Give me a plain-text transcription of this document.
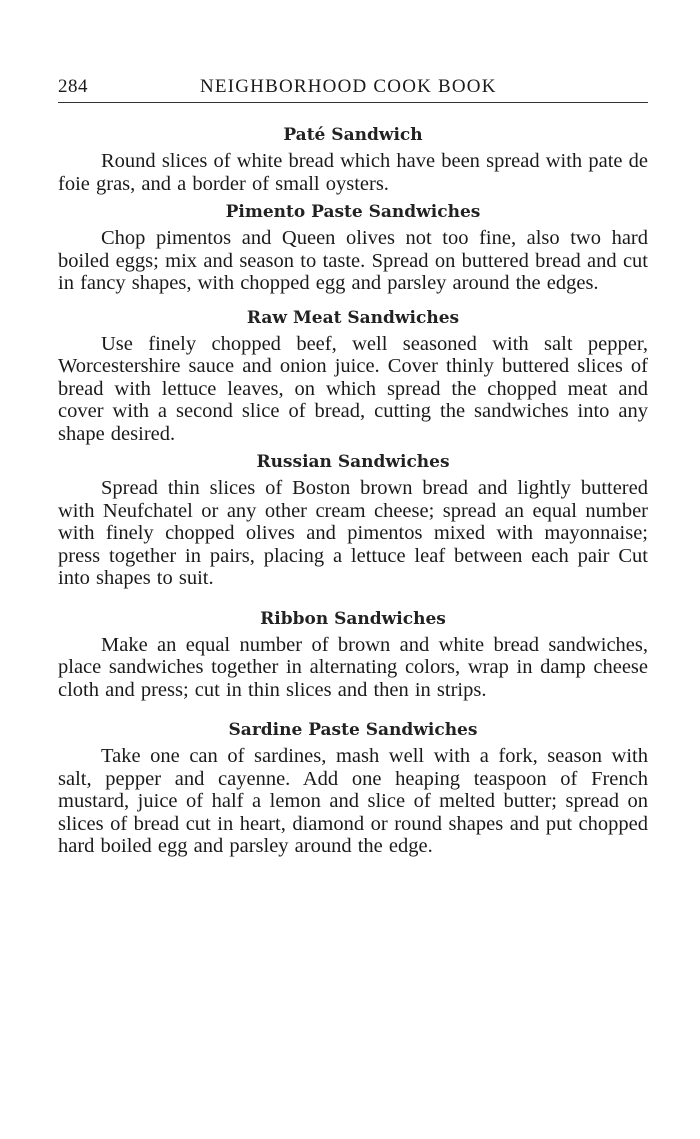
284	NEIGHBORHOOD COOK BOOK
Paté Sandwich

Round slices of white bread which have been spread with pate de foie gras, and a border of small oysters.

Pimento Paste Sandwiches

Chop pimentos and Queen olives not too fine, also two hard boiled eggs; mix and season to taste. Spread on buttered bread and cut in fancy shapes, with chopped egg and parsley around the edges.

Raw Meat Sandwiches

Use finely chopped beef, well seasoned with salt pepper, Worcestershire sauce and onion juice. Cover thinly buttered slices of bread with lettuce leaves, on which spread the chopped meat and cover with a second slice of bread, cutting the sandwiches into any shape desired.

Russian Sandwiches

Spread thin slices of Boston brown bread and lightly buttered with Neufchatel or any other cream cheese; spread an equal number with finely chopped olives and pimentos mixed with mayonnaise; press together in pairs, placing a lettuce leaf between each pair Cut into shapes to suit.

Ribbon Sandwiches

Make an equal number of brown and white bread sandwiches, place sandwiches together in alternating colors, wrap in damp cheese cloth and press; cut in thin slices and then in strips.

Sardine Paste Sandwiches

Take one can of sardines, mash well with a fork, season with salt, pepper and cayenne. Add one heaping teaspoon of French mustard, juice of half a lemon and slice of melted butter; spread on slices of bread cut in heart, diamond or round shapes and put chopped hard boiled egg and parsley around the edge.
